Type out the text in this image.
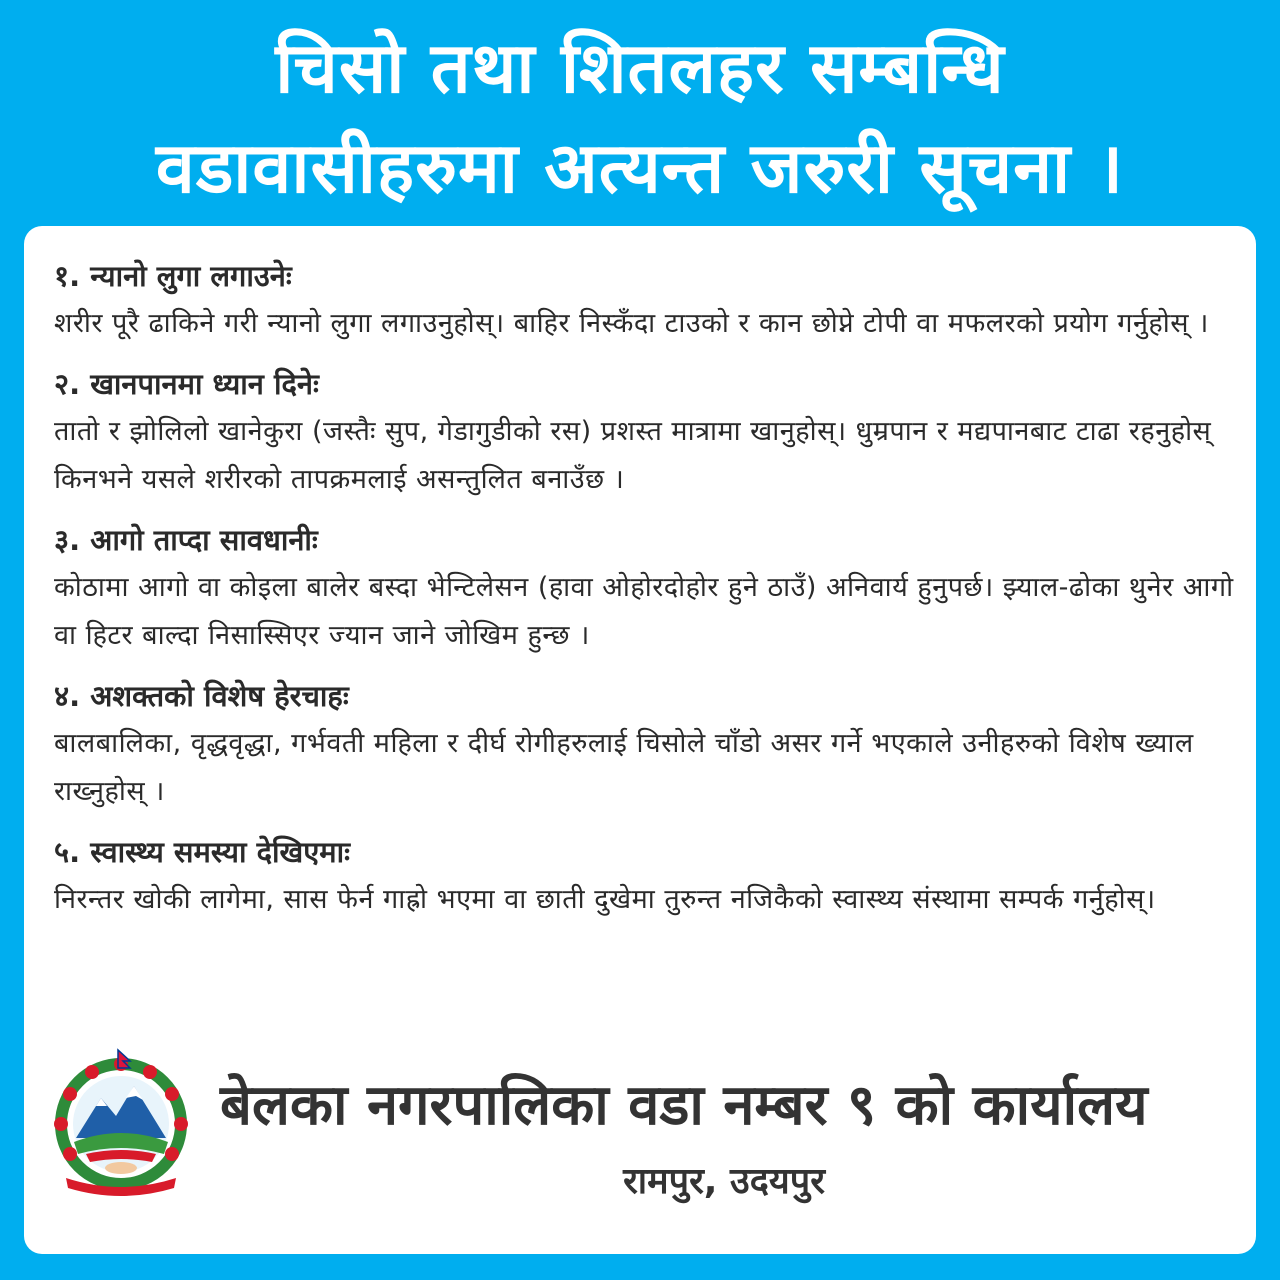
चिसो तथा शितलहर सम्बन्धि
वडावासीहरुमा अत्यन्त जरुरी सूचना ।
१. न्यानो लुगा लगाउनेः
शरीर पूरै ढाकिने गरी न्यानो लुगा लगाउनुहोस्। बाहिर निस्कँदा टाउको र कान छोप्ने टोपी वा मफलरको प्रयोग गर्नुहोस् ।
२. खानपानमा ध्यान दिनेः
तातो र झोलिलो खानेकुरा (जस्तैः सुप, गेडागुडीको रस) प्रशस्त मात्रामा खानुहोस्। धुम्रपान र मद्यपानबाट टाढा रहनुहोस् किनभने यसले शरीरको तापक्रमलाई असन्तुलित बनाउँछ ।
३. आगो ताप्दा सावधानीः
कोठामा आगो वा कोइला बालेर बस्दा भेन्टिलेसन (हावा ओहोरदोहोर हुने ठाउँ) अनिवार्य हुनुपर्छ। झ्याल-ढोका थुनेर आगो वा हिटर बाल्दा निसास्सिएर ज्यान जाने जोखिम हुन्छ ।
४. अशक्तको विशेष हेरचाहः
बालबालिका, वृद्धवृद्धा, गर्भवती महिला र दीर्घ रोगीहरुलाई चिसोले चाँडो असर गर्ने भएकाले उनीहरुको विशेष ख्याल राख्नुहोस् ।
५. स्वास्थ्य समस्या देखिएमाः
निरन्तर खोकी लागेमा, सास फेर्न गाह्रो भएमा वा छाती दुखेमा तुरुन्त नजिकैको स्वास्थ्य संस्थामा सम्पर्क गर्नुहोस्।
बेलका नगरपालिका वडा नम्बर ९ को कार्यालय
रामपुर, उदयपुर
